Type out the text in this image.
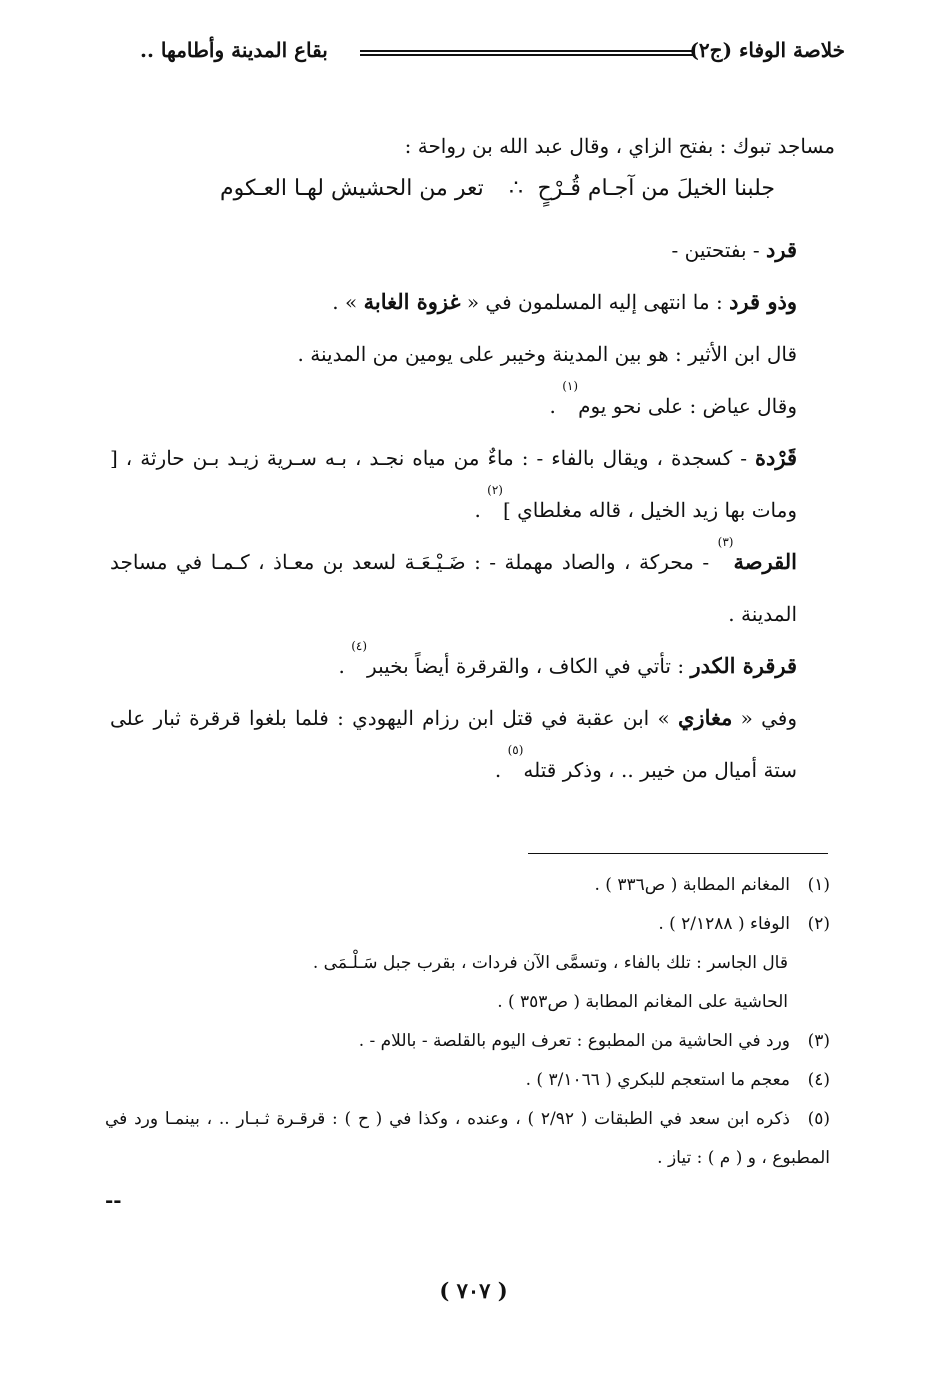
خلاصة الوفاء (ج٢)
بقاع المدينة وأطامها ..

مساجد تبوك : بفتح الزاي ، وقال عبد الله بن رواحة :

قرد - بفتحتين -

وذو قرد : ما انتهى إليه المسلمون في « غزوة الغابة » .

قال ابن الأثير : هو بين المدينة وخيبر على يومين من المدينة .

وقال عياض : على نحو يوم$^{(١)}$ .

قَرْدة - كسجدة ، ويقال بالفاء - : ماءٌ من مياه نجـد ، بـه سـرية زيـد بـن حارثة ، [ ومات بها زيد الخيل ، قاله مغلطاي ]$^{(٢)}$ .

القرصة$^{(٣)}$ - محركة ، والصاد مهملة - : ضَـيْـعَـة لسعد بن معـاذ ، كـمـا في مساجد المدينة .

قرقرة الكدر : تأتي في الكاف ، والقرقرة أيضاً بخيبر$^{(٤)}$ .

وفي « مغازي » ابن عقبة في قتل ابن رزام اليهودي : فلما بلغوا قرقرة ثبار على ستة أميال من خيبر .. ، وذكر قتله$^{(٥)}$ .

جلبنا الخيلَ من آجـام قُـرْحٍ
∴
تعر من الحشيش لهـا العـكوم

(١)المغانم المطابة ( ص٣٣٦ ) .

(٢)الوفاء ( ٢/١٢٨٨ ) .

قال الجاسر : تلك بالفاء ، وتسمَّى الآن فردات ، بقرب جبل سَـلْـمَى .

الحاشية على المغانم المطابة ( ص٣٥٣ ) .

(٣)ورد في الحاشية من المطبوع : تعرف اليوم بالقلصة - باللام - .

(٤)معجم ما استعجم للبكري ( ٣/١٠٦٦ ) .

(٥)ذكره ابن سعد في الطبقات ( ٢/٩٢ ) ، وعنده ، وكذا في ( ح ) : قرقـرة ثـبـار .. ، بينمـا ورد في المطبوع ، و ( م ) : تياز .

--
( ٧٠٧ )
